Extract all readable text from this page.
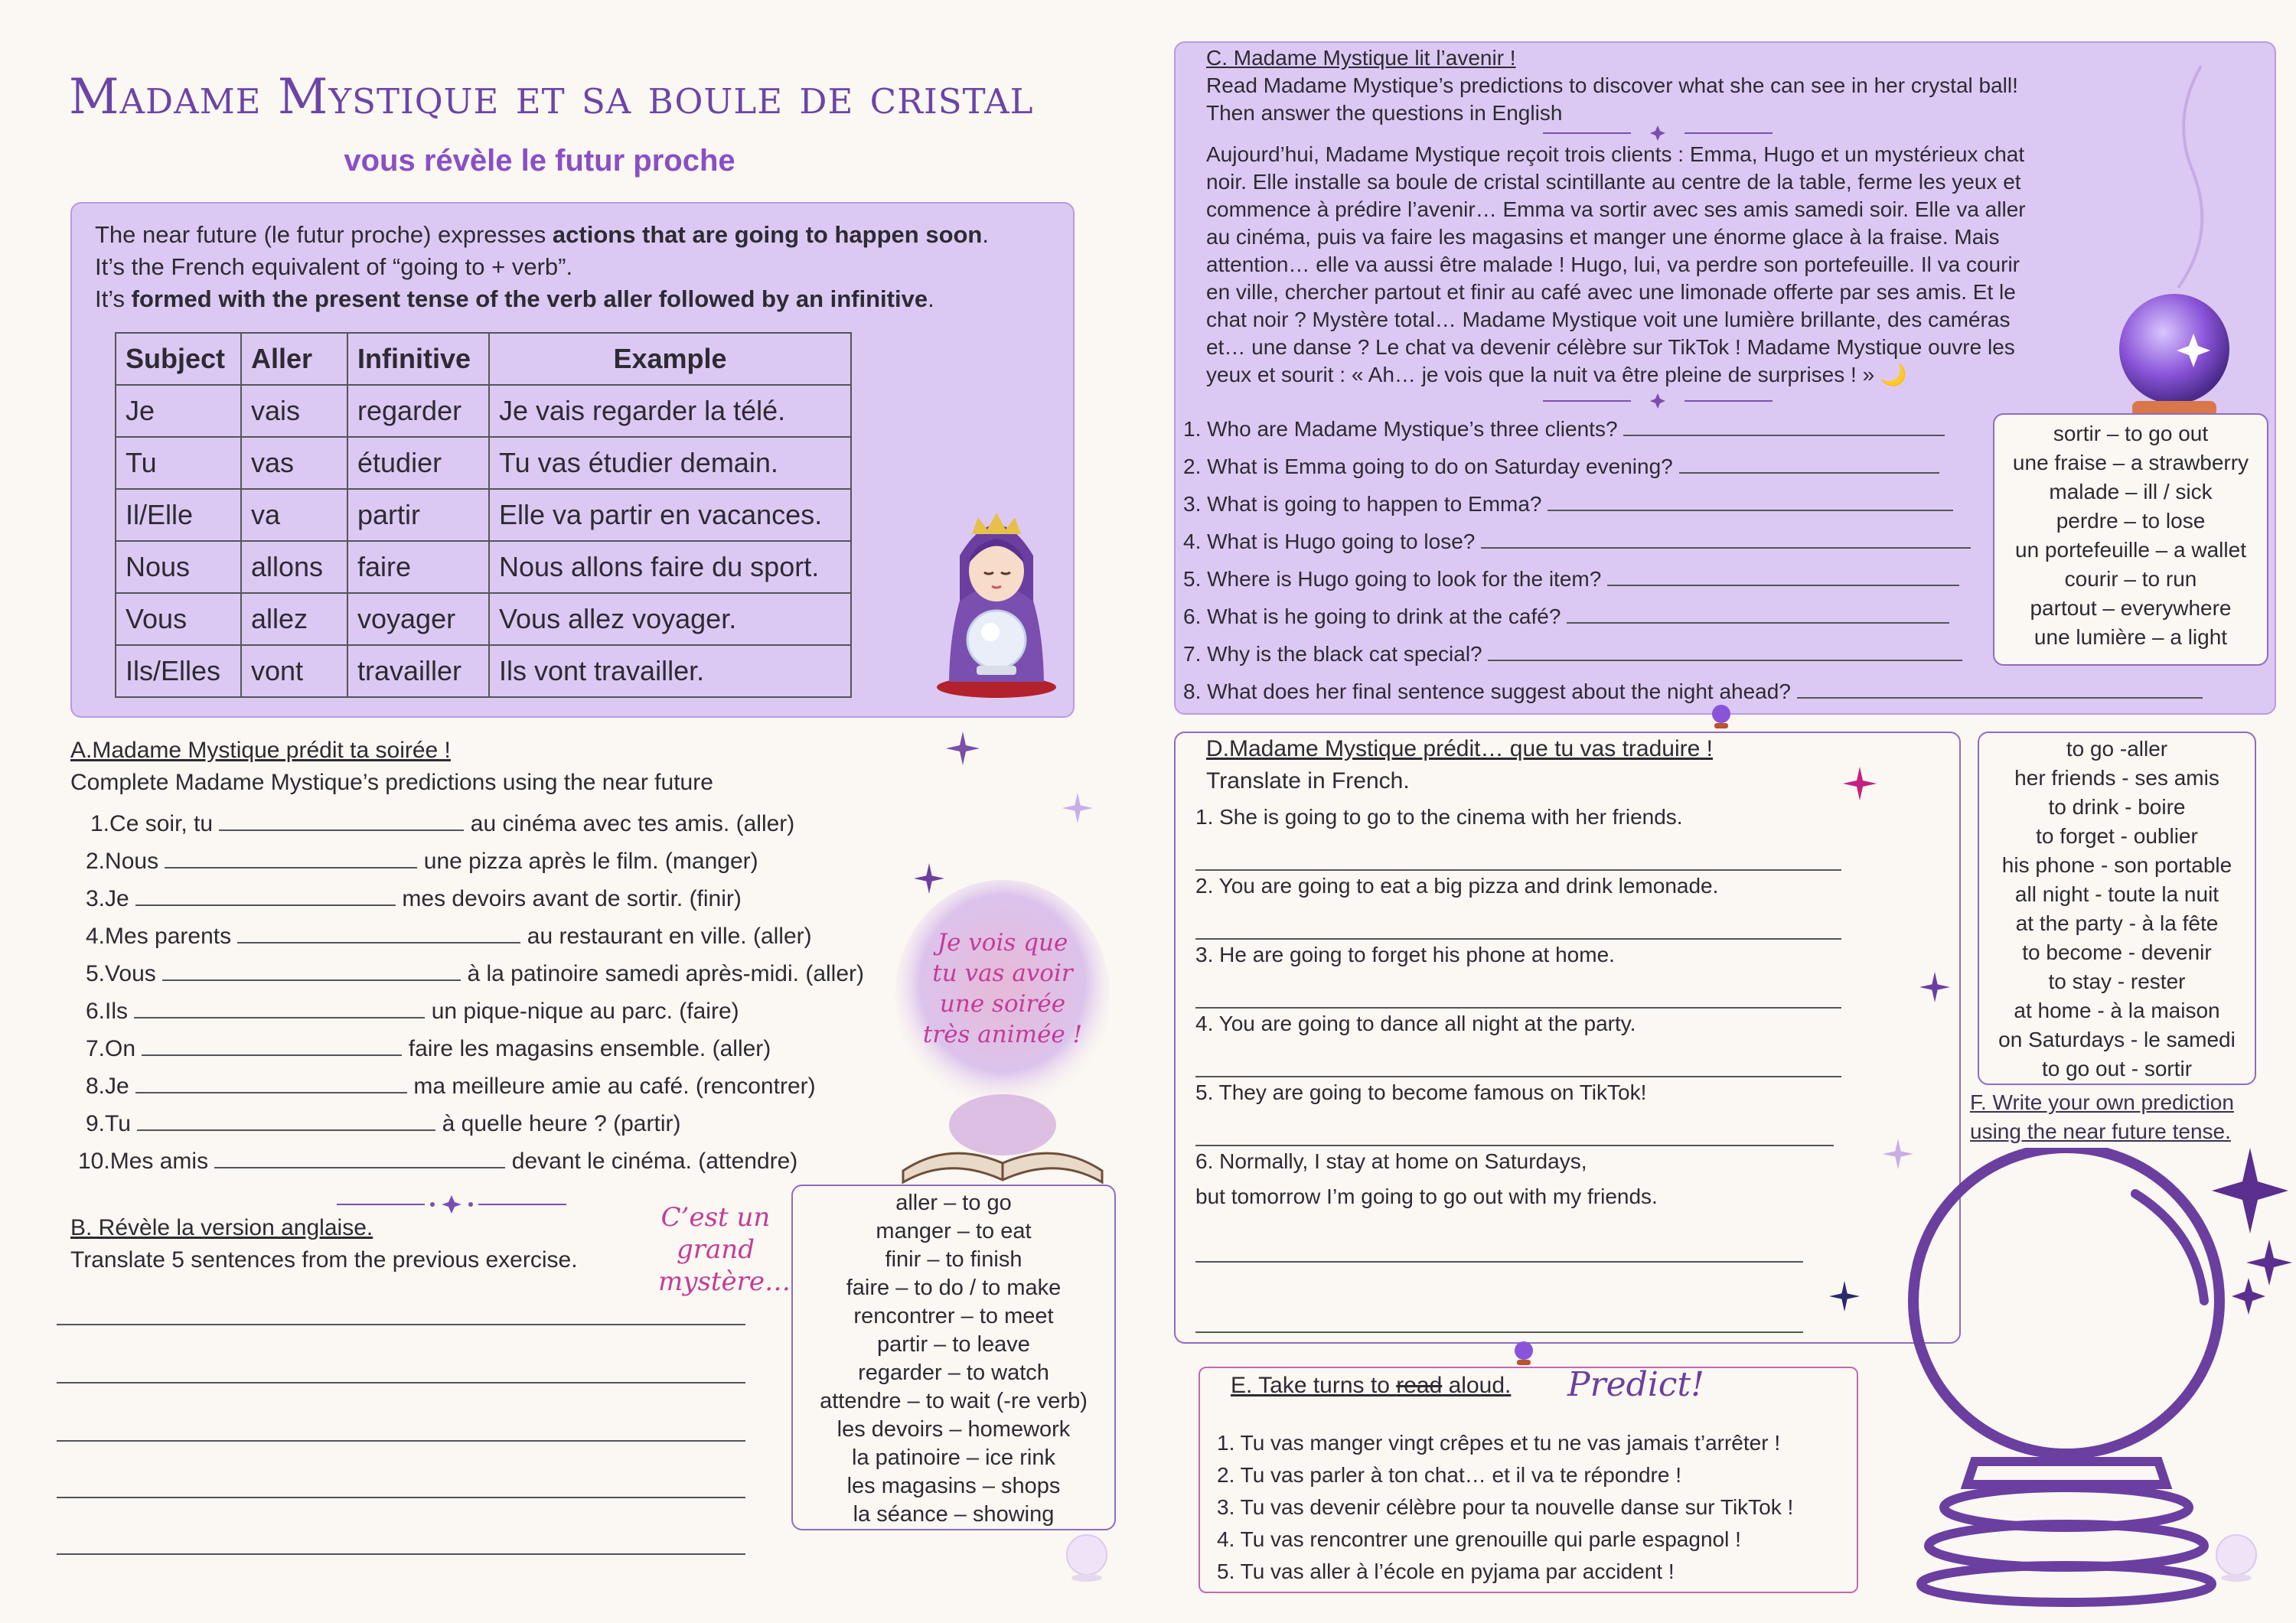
Madame Mystique et sa boule de cristal
vous révèle le futur proche

The near future (le futur proche) expresses actions that are going to happen soon.

It’s the French equivalent of “going to + verb”.

It’s formed with the present tense of the verb aller followed by an infinitive.

Subject	Aller	Infinitive	Example
Je	vais	regarder	Je vais regarder la télé.
Tu	vas	étudier	Tu vas étudier demain.
Il/Elle	va	partir	Elle va partir en vacances.
Nous	allons	faire	Nous allons faire du sport.
Vous	allez	voyager	Vous allez voyager.
Ils/Elles	vont	travailler	Ils vont travailler.
A.Madame Mystique prédit ta soirée !
Complete Madame Mystique’s predictions using the near future
1.Ce soir, tu	au cinéma avec tes amis. (aller)
2.Nous	une pizza après le film. (manger)
3.Je	mes devoirs avant de sortir. (finir)
4.Mes parents	au restaurant en ville. (aller)
5.Vous	à la patinoire samedi après-midi. (aller)
6.Ils	un pique-nique au parc. (faire)
7.On	faire les magasins ensemble. (aller)
8.Je	ma meilleure amie au café. (rencontrer)
9.Tu	à quelle heure ? (partir)
10.Mes amis	devant le cinéma. (attendre)
Je vois que
tu vas avoir
une soirée
très animée !
B. Révèle la version anglaise.
Translate 5 sentences from the previous exercise.
C’est un
grand
mystère…
aller – to go
manger – to eat
finir – to finish
faire – to do / to make
rencontrer – to meet
partir – to leave
regarder – to watch
attendre – to wait (-re verb)
les devoirs – homework
la patinoire – ice rink
les magasins – shops
la séance – showing
C. Madame Mystique lit l’avenir !
Read Madame Mystique’s predictions to discover what she can see in her crystal ball!
Then answer the questions in English
Aujourd’hui, Madame Mystique reçoit trois clients : Emma, Hugo et un mystérieux chat
noir. Elle installe sa boule de cristal scintillante au centre de la table, ferme les yeux et
commence à prédire l’avenir… Emma va sortir avec ses amis samedi soir. Elle va aller
au cinéma, puis va faire les magasins et manger une énorme glace à la fraise. Mais
attention… elle va aussi être malade ! Hugo, lui, va perdre son portefeuille. Il va courir
en ville, chercher partout et finir au café avec une limonade offerte par ses amis. Et le
chat noir ? Mystère total… Madame Mystique voit une lumière brillante, des caméras
et… une danse ? Le chat va devenir célèbre sur TikTok ! Madame Mystique ouvre les
yeux et sourit : « Ah… je vois que la nuit va être pleine de surprises ! » 🌙
1. Who are Madame Mystique’s three clients?
2. What is Emma going to do on Saturday evening?
3. What is going to happen to Emma?
4. What is Hugo going to lose?
5. Where is Hugo going to look for the item?
6. What is he going to drink at the café?
7. Why is the black cat special?
8. What does her final sentence suggest about the night ahead?
sortir – to go out
une fraise – a strawberry
malade – ill / sick
perdre – to lose
un portefeuille – a wallet
courir – to run
partout – everywhere
une lumière – a light
D.Madame Mystique prédit… que tu vas traduire !
Translate in French.
1. She is going to go to the cinema with her friends.
2. You are going to eat a big pizza and drink lemonade.
3. He are going to forget his phone at home.
4. You are going to dance all night at the party.
5. They are going to become famous on TikTok!
6. Normally, I stay at home on Saturdays,
but tomorrow I’m going to go out with my friends.
to go -aller
her friends - ses amis
to drink - boire
to forget - oublier
his phone - son portable
all night - toute la nuit
at the party - à la fête
to become - devenir
to stay - rester
at home - à la maison
on Saturdays - le samedi
to go out - sortir
F. Write your own prediction
using the near future tense.
E. Take turns to read aloud. Predict!
1. Tu vas manger vingt crêpes et tu ne vas jamais t’arrêter !
2. Tu vas parler à ton chat… et il va te répondre !
3. Tu vas devenir célèbre pour ta nouvelle danse sur TikTok !
4. Tu vas rencontrer une grenouille qui parle espagnol !
5. Tu vas aller à l’école en pyjama par accident !
